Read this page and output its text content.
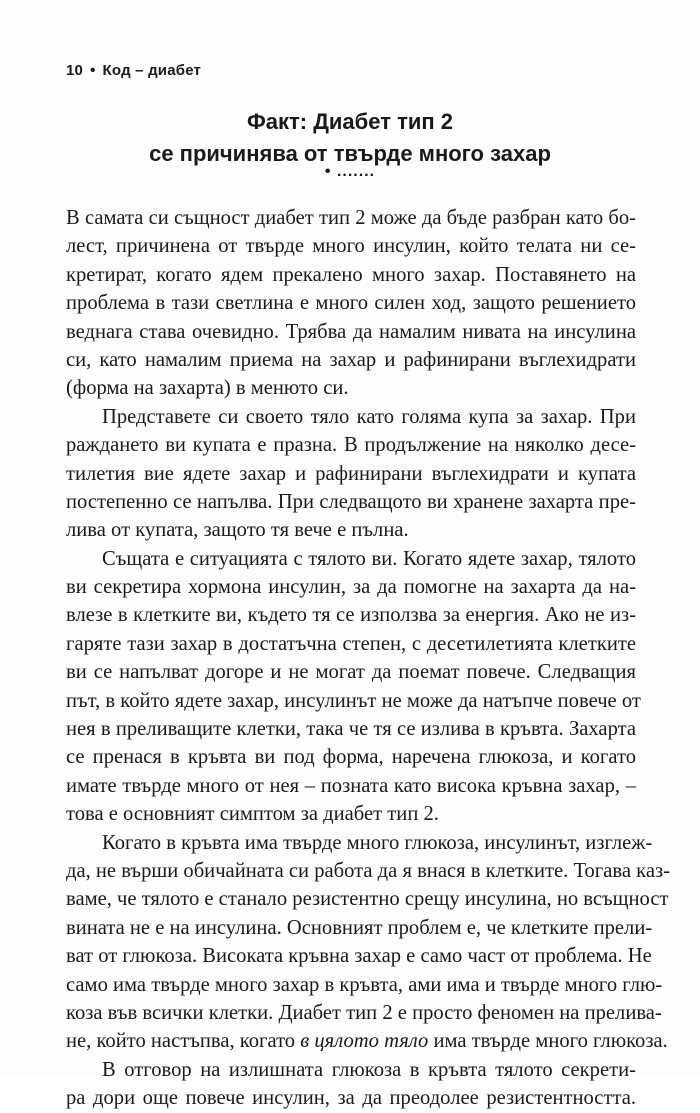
10 • Код – диабет
Факт: Диабет тип 2
се причинява от твърде много захар
• .......
В самата си същност диабет тип 2 може да бъде разбран като бо-
лест, причинена от твърде много инсулин, който телата ни се-
кретират, когато ядем прекалено много захар. Поставянето на
проблема в тази светлина е много силен ход, защото решението
веднага става очевидно. Трябва да намалим нивата на инсулина
си, като намалим приема на захар и рафинирани въглехидрати
(форма на захарта) в менюто си.
Представете си своето тяло като голяма купа за захар. При
раждането ви купата е празна. В продължение на няколко десе-
тилетия вие ядете захар и рафинирани въглехидрати и купата
постепенно се напълва. При следващото ви хранене захарта пре-
лива от купата, защото тя вече е пълна.
Същата е ситуацията с тялото ви. Когато ядете захар, тялото
ви секретира хормона инсулин, за да помогне на захарта да на-
влезе в клетките ви, където тя се използва за енергия. Ако не из-
гаряте тази захар в достатъчна степен, с десетилетията клетките
ви се напълват догоре и не могат да поемат повече. Следващия
път, в който ядете захар, инсулинът не може да натъпче повече от
нея в преливащите клетки, така че тя се излива в кръвта. Захарта
се пренася в кръвта ви под форма, наречена глюкоза, и когато
имате твърде много от нея – позната като висока кръвна захар, –
това е основният симптом за диабет тип 2.
Когато в кръвта има твърде много глюкоза, инсулинът, изглеж-
да, не върши обичайната си работа да я внася в клетките. Тогава каз-
ваме, че тялото е станало резистентно срещу инсулина, но всъщност
вината не е на инсулина. Основният проблем е, че клетките прели-
ват от глюкоза. Високата кръвна захар е само част от проблема. Не
само има твърде много захар в кръвта, ами има и твърде много глю-
коза във всички клетки. Диабет тип 2 е просто феномен на прелива-
не, който настъпва, когато в цялото тяло има твърде много глюкоза.
В отговор на излишната глюкоза в кръвта тялото секрети-
ра дори още повече инсулин, за да преодолее резистентността.
